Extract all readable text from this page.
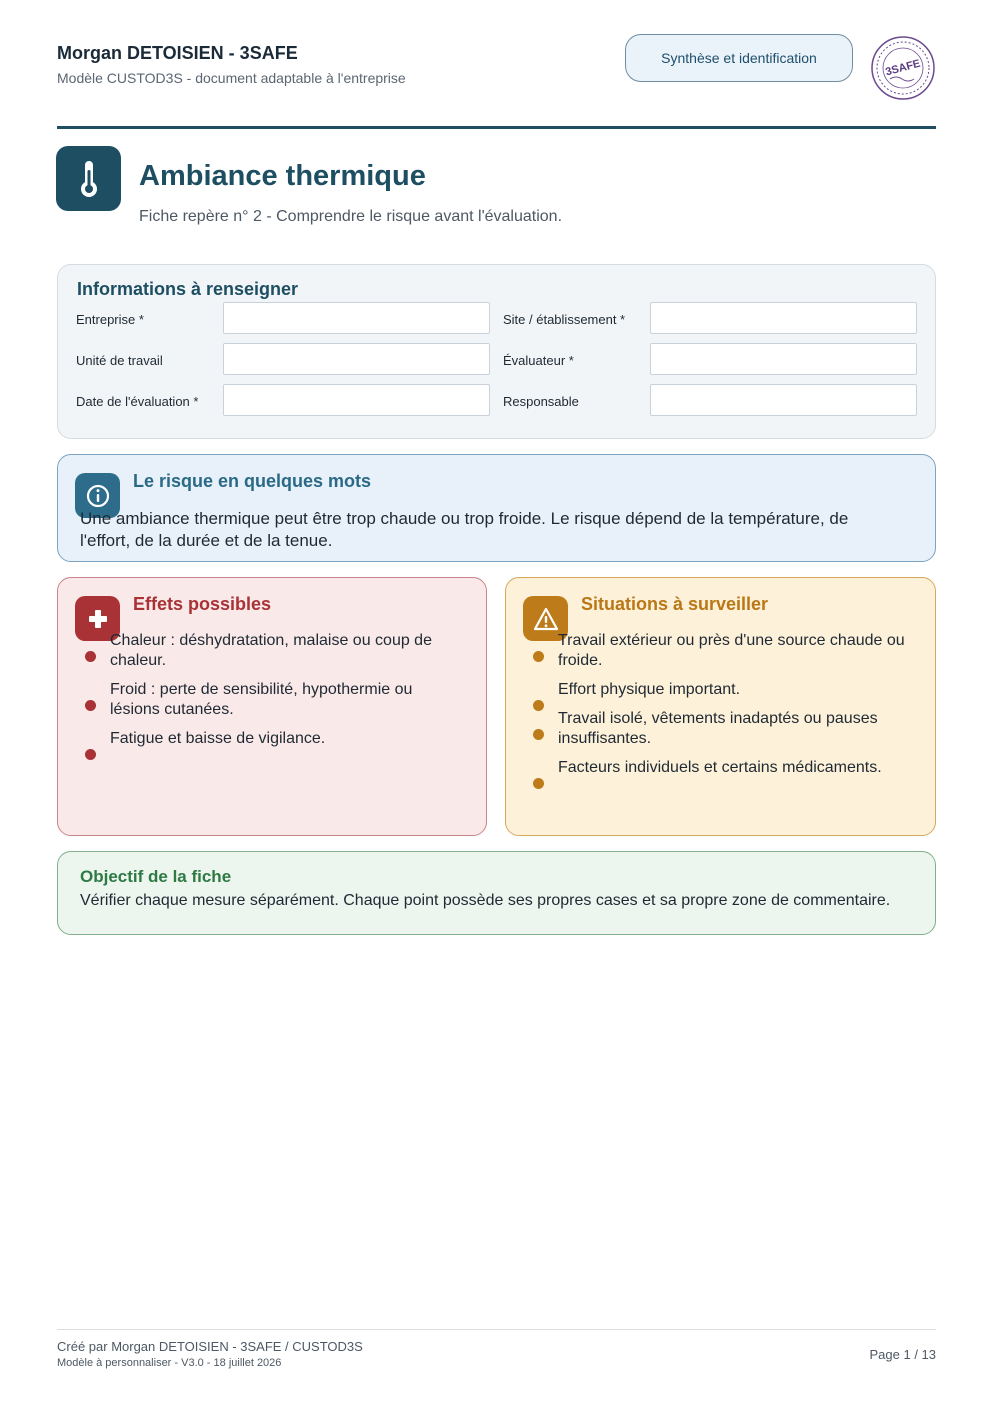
Morgan DETOISIEN - 3SAFE
Modèle CUSTOD3S - document adaptable à l'entreprise
Synthèse et identification	3SAFE
Ambiance thermique
Fiche repère n° 2 - Comprendre le risque avant l'évaluation.
Informations à renseigner
Entreprise *	Site / établissement *
Unité de travail	Évaluateur *
Date de l'évaluation *	Responsable
Le risque en quelques mots
Une ambiance thermique peut être trop chaude ou trop froide. Le risque dépend de la température, de l'effort, de la durée et de la tenue.
Effets possibles
Chaleur : déshydratation, malaise ou coup de chaleur.
Froid : perte de sensibilité, hypothermie ou lésions cutanées.
Fatigue et baisse de vigilance.
Situations à surveiller
Travail extérieur ou près d'une source chaude ou froide.
Effort physique important.
Travail isolé, vêtements inadaptés ou pauses insuffisantes.
Facteurs individuels et certains médicaments.
Objectif de la fiche
Vérifier chaque mesure séparément. Chaque point possède ses propres cases et sa propre zone de commentaire.
Créé par Morgan DETOISIEN - 3SAFE / CUSTOD3S
Modèle à personnaliser - V3.0 - 18 juillet 2026
Page 1 / 13
